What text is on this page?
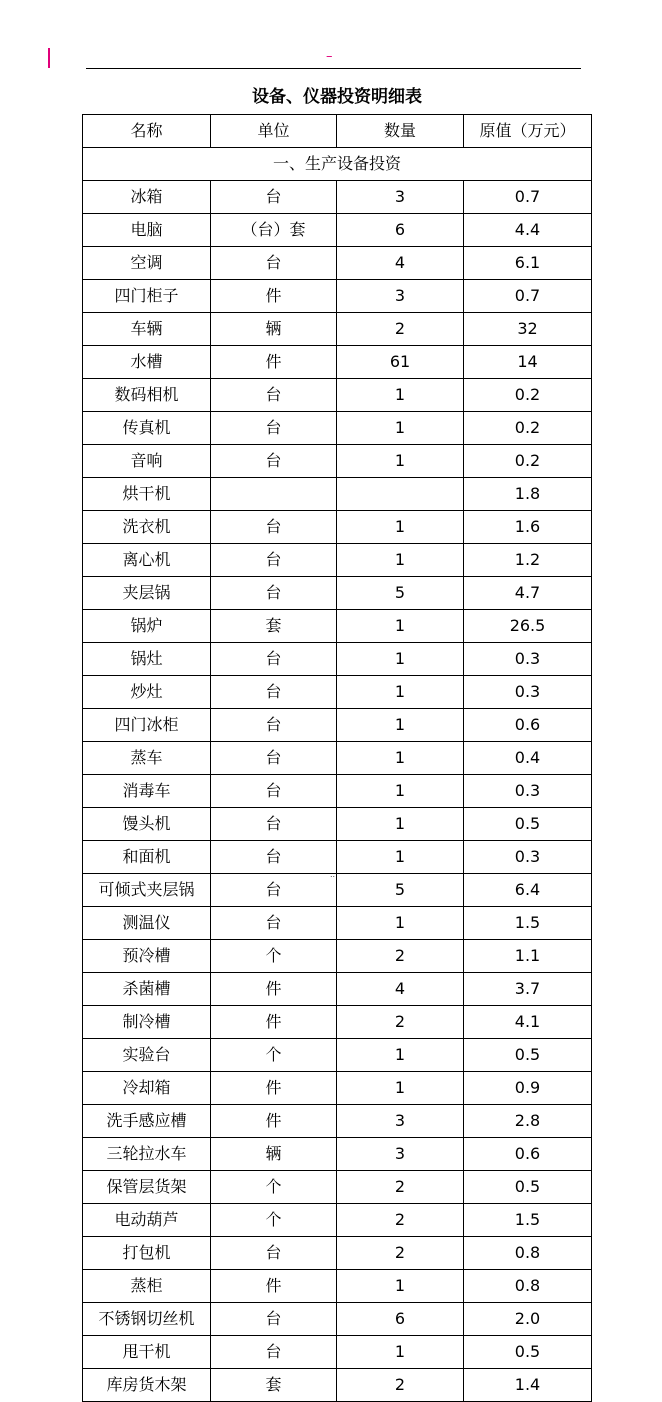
–
设备、仪器投资明细表
名称	单位	数量	原值（万元）
一、生产设备投资			
冰箱	台	3	0.7
电脑	（台）套	6	4.4
空调	台	4	6.1
四门柜子	件	3	0.7
车辆	辆	2	32
水槽	件	61	14
数码相机	台	1	0.2
传真机	台	1	0.2
音响	台	1	0.2
烘干机			1.8
洗衣机	台	1	1.6
离心机	台	1	1.2
夹层锅	台	5	4.7
锅炉	套	1	26.5
锅灶	台	1	0.3
炒灶	台	1	0.3
四门冰柜	台	1	0.6
蒸车	台	1	0.4
消毒车	台	1	0.3
馒头机	台	1	0.5
和面机	台	1	0.3
可倾式夹层锅	台	5	6.4
测温仪	台	1	1.5
预冷槽	个	2	1.1
杀菌槽	件	4	3.7
制冷槽	件	2	4.1
实验台	个	1	0.5
冷却箱	件	1	0.9
洗手感应槽	件	3	2.8
三轮拉水车	辆	3	0.6
保管层货架	个	2	0.5
电动葫芦	个	2	1.5
打包机	台	2	0.8
蒸柜	件	1	0.8
不锈钢切丝机	台	6	2.0
甩干机	台	1	0.5
库房货木架	套	2	1.4
..
